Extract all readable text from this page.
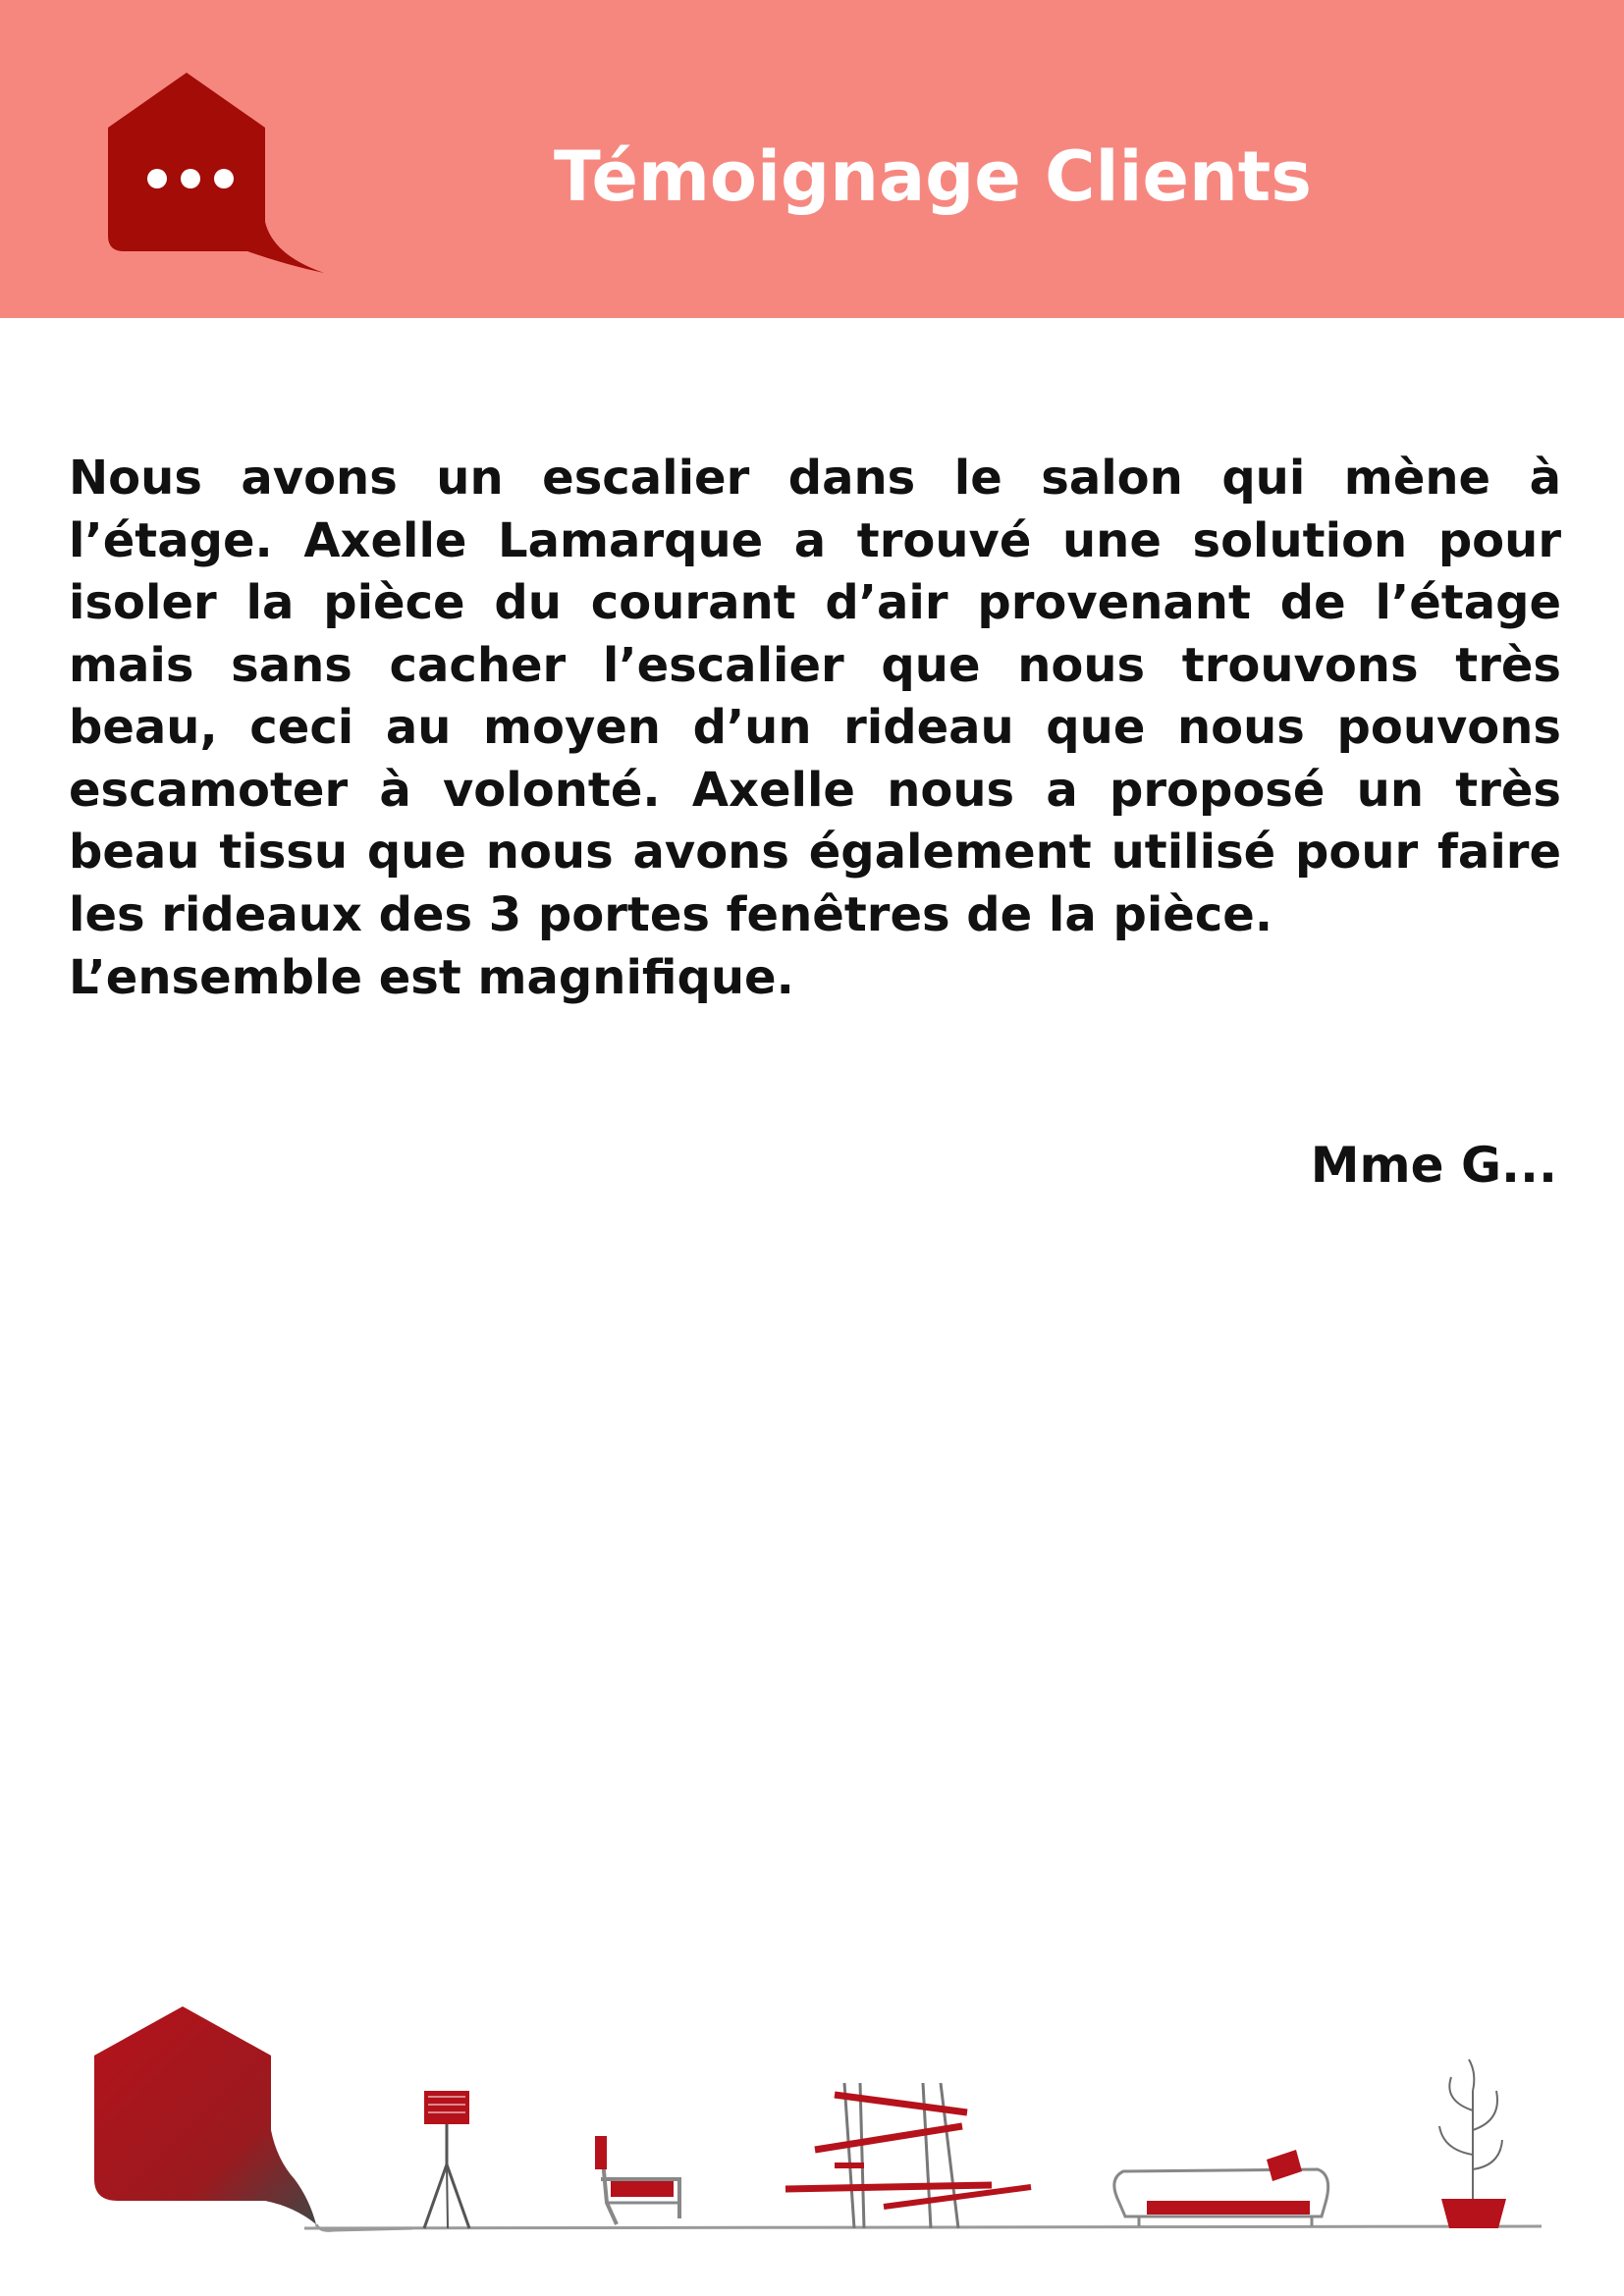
Témoignage Clients

Nous avons un escalier dans le salon qui mène à l’étage. Axelle Lamarque a trouvé une solution pour isoler la pièce du courant d’air provenant de l’étage mais sans cacher l’escalier que nous trouvons très beau, ceci au moyen d’un rideau que nous pouvons escamoter à volonté. Axelle nous a proposé un très beau tissu que nous avons également utilisé pour faire les rideaux des 3 portes fenêtres de la pièce.

L’ensemble est magnifique.

Mme G...
